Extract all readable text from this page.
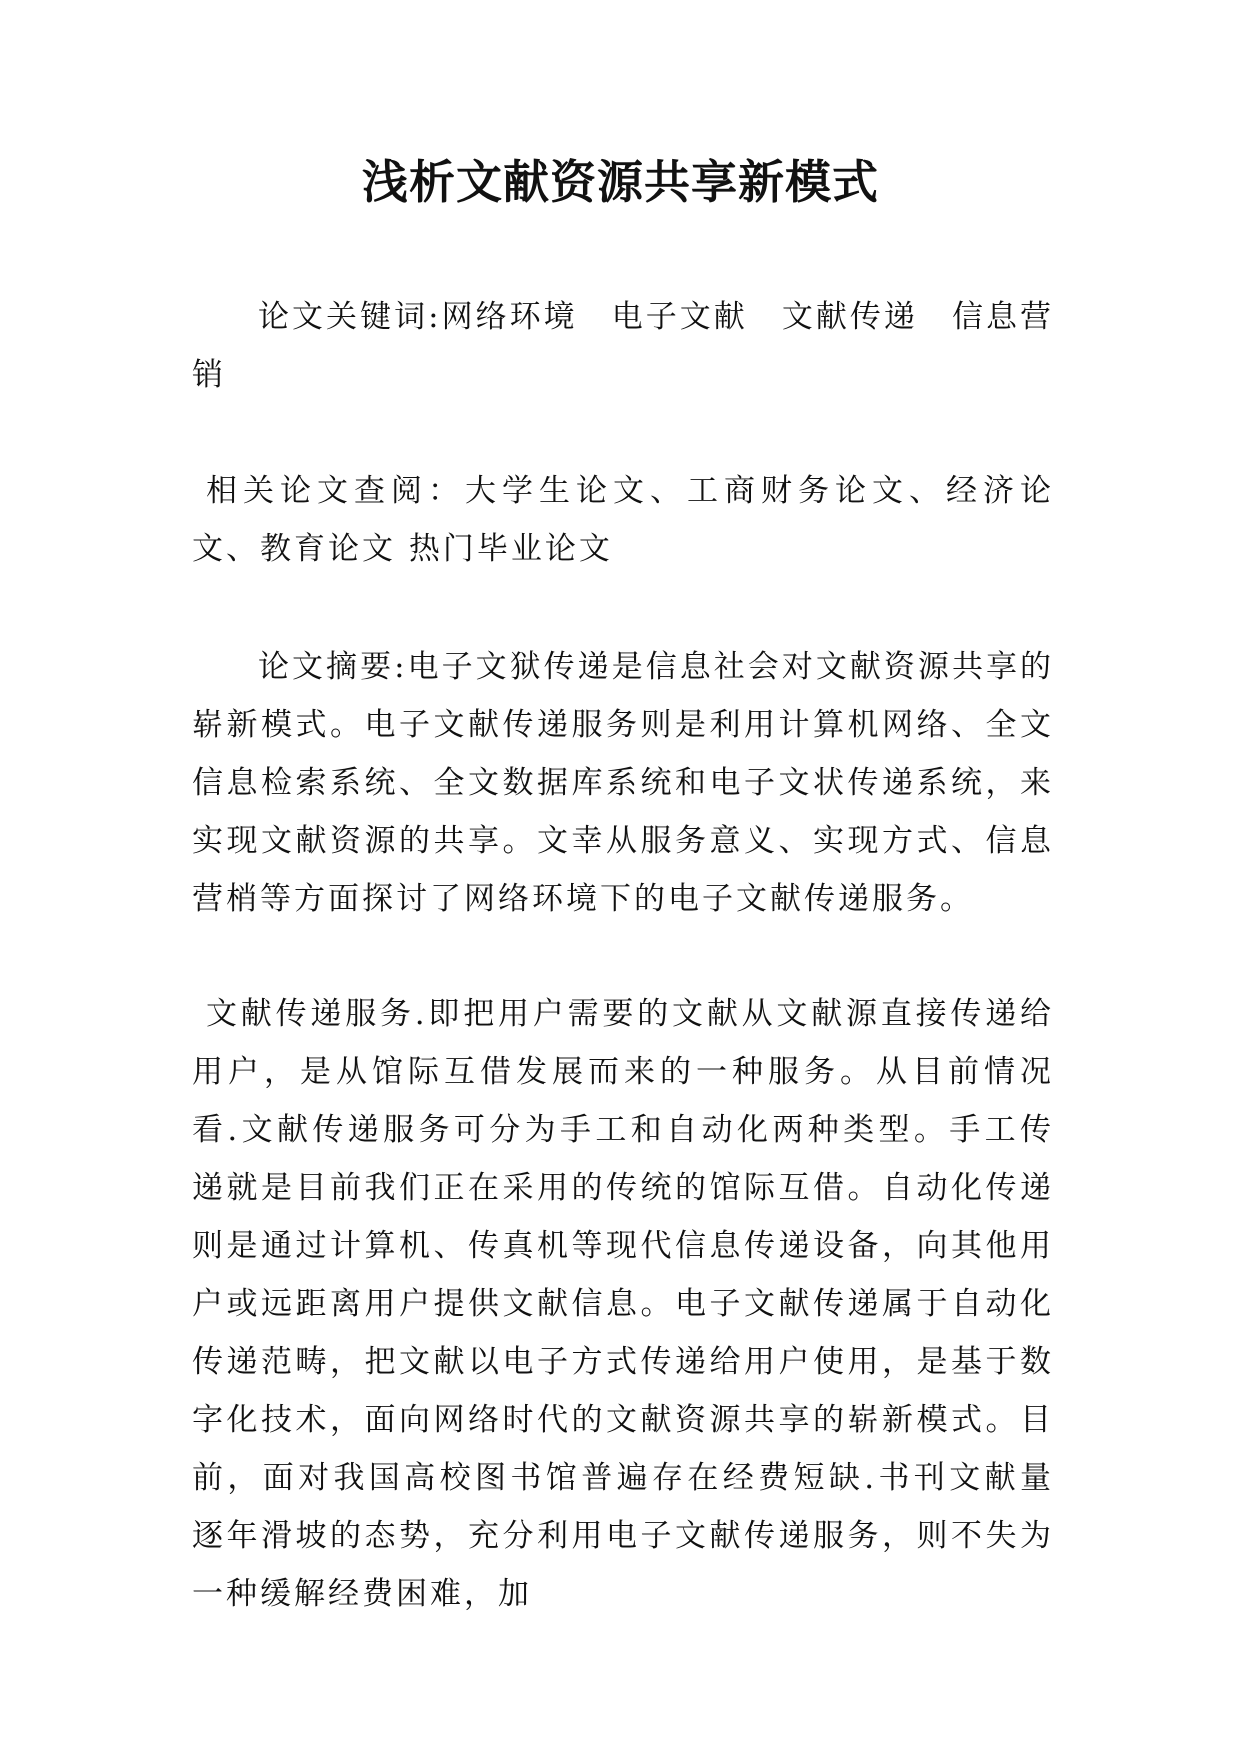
浅析文献资源共享新模式
论文关键词:网络环境　电子文献　文献传递　信息营销
相关论文查阅：大学生论文、工商财务论文、经济论文、教育论文 热门毕业论文
论文摘要:电子文狱传递是信息社会对文献资源共享的崭新模式。电子文献传递服务则是利用计算机网络、全文信息检索系统、全文数据库系统和电子文状传递系统，来实现文献资源的共享。文幸从服务意义、实现方式、信息营梢等方面探讨了网络环境下的电子文献传递服务。
文献传递服务.即把用户需要的文献从文献源直接传递给用户，是从馆际互借发展而来的一种服务。从目前情况看.文献传递服务可分为手工和自动化两种类型。手工传递就是目前我们正在采用的传统的馆际互借。自动化传递则是通过计算机、传真机等现代信息传递设备，向其他用户或远距离用户提供文献信息。电子文献传递属于自动化传递范畴，把文献以电子方式传递给用户使用，是基于数字化技术，面向网络时代的文献资源共享的崭新模式。目前，面对我国高校图书馆普遍存在经费短缺.书刊文献量逐年滑坡的态势，充分利用电子文献传递服务，则不失为一种缓解经费困难，加
